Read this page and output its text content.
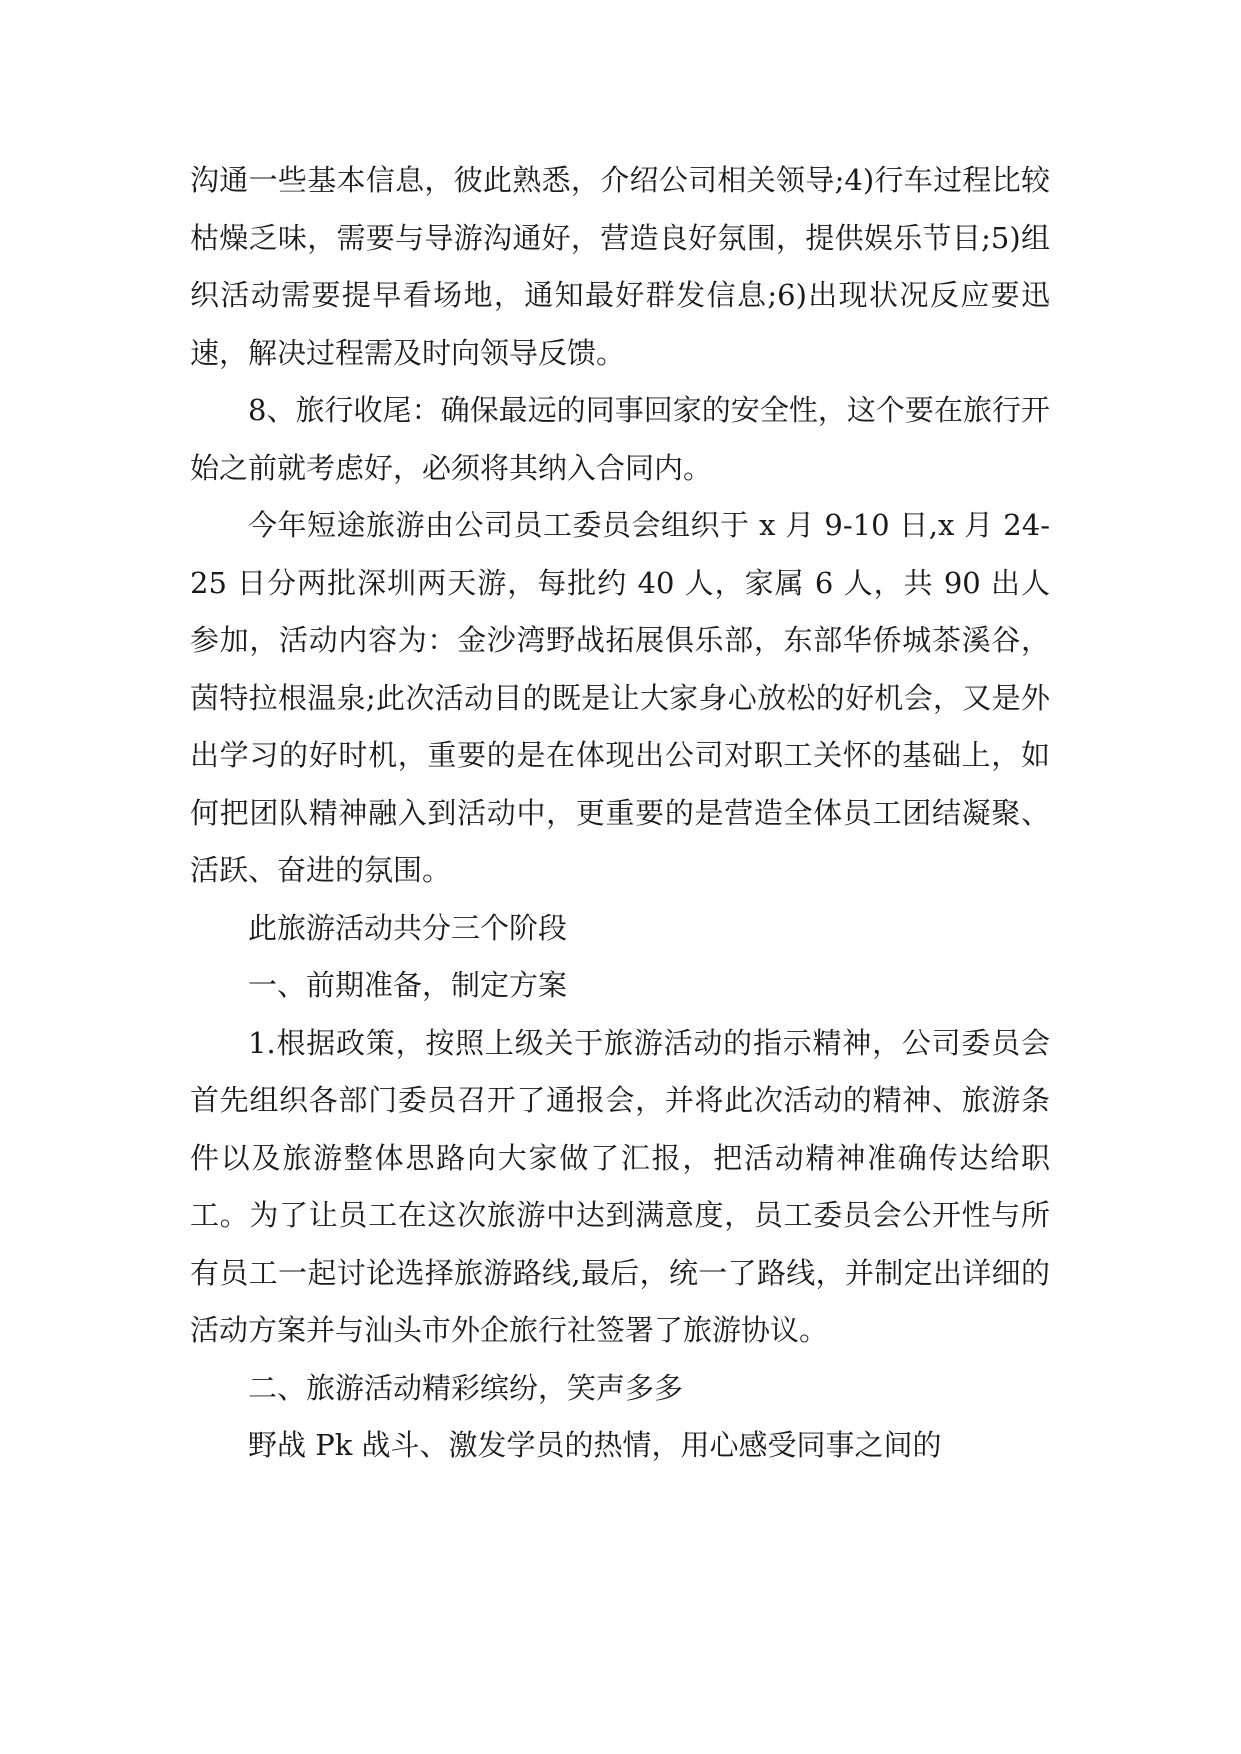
沟通一些基本信息，彼此熟悉，介绍公司相关领导;4)行车过程比较枯燥乏味，需要与导游沟通好，营造良好氛围，提供娱乐节目;5)组织活动需要提早看场地，通知最好群发信息;6)出现状况反应要迅速，解决过程需及时向领导反馈。

8、旅行收尾：确保最远的同事回家的安全性，这个要在旅行开始之前就考虑好，必须将其纳入合同内。

今年短途旅游由公司员工委员会组织于 x 月 9-10 日,x 月 24-25 日分两批深圳两天游，每批约 40 人，家属 6 人，共 90 出人参加，活动内容为：金沙湾野战拓展俱乐部，东部华侨城茶溪谷，茵特拉根温泉;此次活动目的既是让大家身心放松的好机会，又是外出学习的好时机，重要的是在体现出公司对职工关怀的基础上，如何把团队精神融入到活动中，更重要的是营造全体员工团结凝聚、活跃、奋进的氛围。

此旅游活动共分三个阶段

一、前期准备，制定方案

1.根据政策，按照上级关于旅游活动的指示精神，公司委员会首先组织各部门委员召开了通报会，并将此次活动的精神、旅游条件以及旅游整体思路向大家做了汇报，把活动精神准确传达给职工。为了让员工在这次旅游中达到满意度，员工委员会公开性与所有员工一起讨论选择旅游路线,最后，统一了路线，并制定出详细的活动方案并与汕头市外企旅行社签署了旅游协议。

二、旅游活动精彩缤纷，笑声多多

野战 Pk 战斗、激发学员的热情，用心感受同事之间的
